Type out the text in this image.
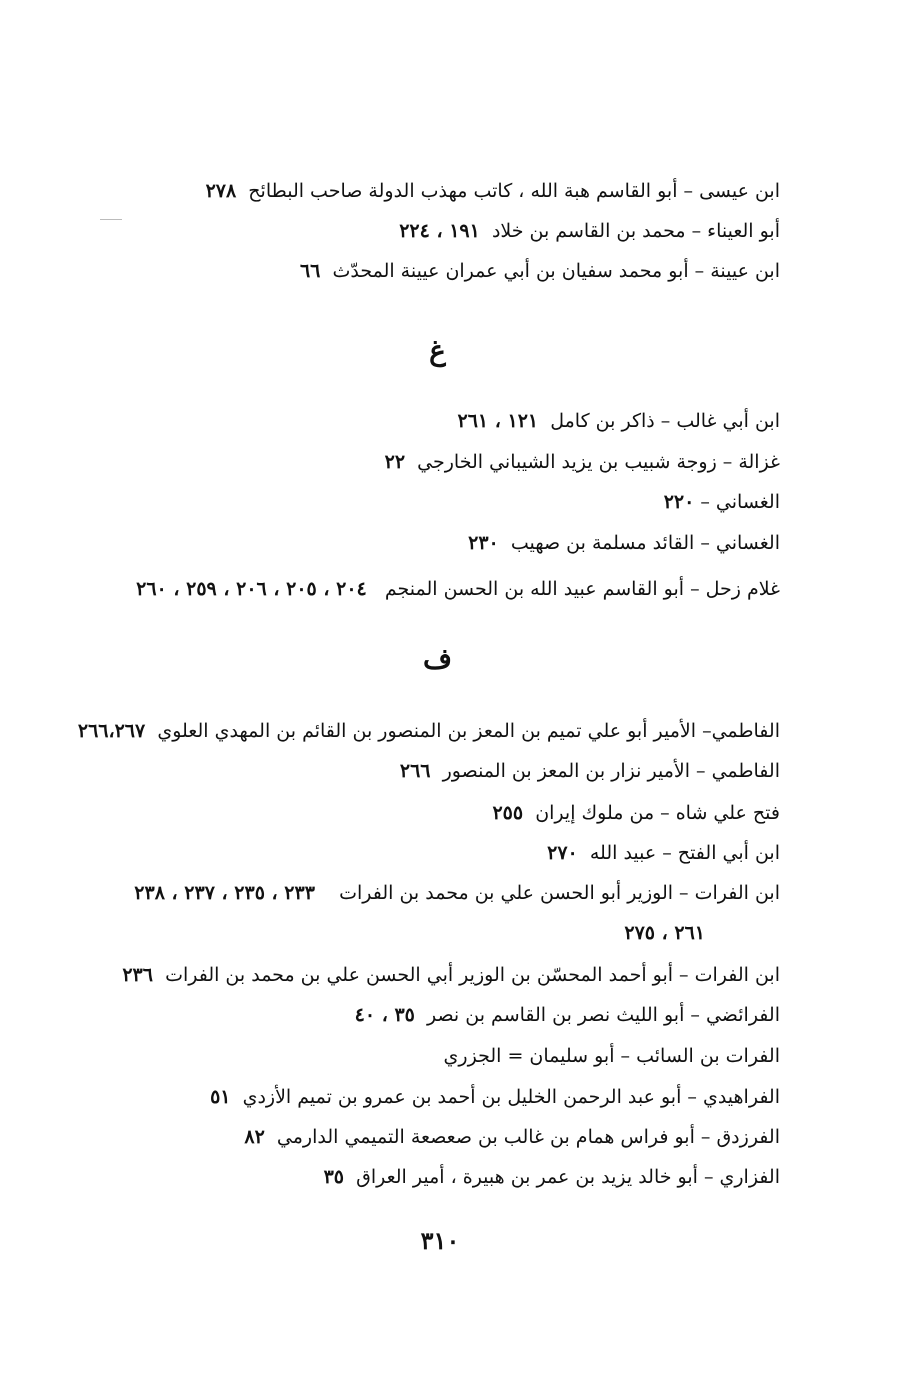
ابن عيسى – أبو القاسم هبة الله ، كاتب مهذب الدولة صاحب البطائح  ٢٧٨
أبو العيناء – محمد بن القاسم بن خلاد  ١٩١ ، ٢٢٤
ابن عيينة – أبو محمد سفيان بن أبي عمران عيينة المحدّث  ٦٦
غ
ابن أبي غالب – ذاكر بن كامل  ١٢١ ، ٢٦١
غزالة – زوجة شبيب بن يزيد الشيباني الخارجي  ٢٢
الغساني – ٢٢٠
الغساني – القائد مسلمة بن صهيب  ٢٣٠
غلام زحل – أبو القاسم عبيد الله بن الحسن المنجم   ٢٠٤ ، ٢٠٥ ، ٢٠٦ ، ٢٥٩ ، ٢٦٠
ف
الفاطمي– الأمير أبو علي تميم بن المعز بن المنصور بن القائم بن المهدي العلوي  ٢٦٦،٢٦٧
الفاطمي – الأمير نزار بن المعز بن المنصور  ٢٦٦
فتح علي شاه – من ملوك إيران  ٢٥٥
ابن أبي الفتح – عبيد الله  ٢٧٠
ابن الفرات – الوزير أبو الحسن علي بن محمد بن الفرات    ٢٣٣ ، ٢٣٥ ، ٢٣٧ ، ٢٣٨
٢٦١ ، ٢٧٥
ابن الفرات – أبو أحمد المحسّن بن الوزير أبي الحسن علي بن محمد بن الفرات  ٢٣٦
الفرائضي – أبو الليث نصر بن القاسم بن نصر  ٣٥ ، ٤٠
الفرات بن السائب – أبو سليمان = الجزري
الفراهيدي – أبو عبد الرحمن الخليل بن أحمد بن عمرو بن تميم الأزدي  ٥١
الفرزدق – أبو فراس همام بن غالب بن صعصعة التميمي الدارمي  ٨٢
الفزاري – أبو خالد يزيد بن عمر بن هبيرة ، أمير العراق  ٣٥
٣١٠
